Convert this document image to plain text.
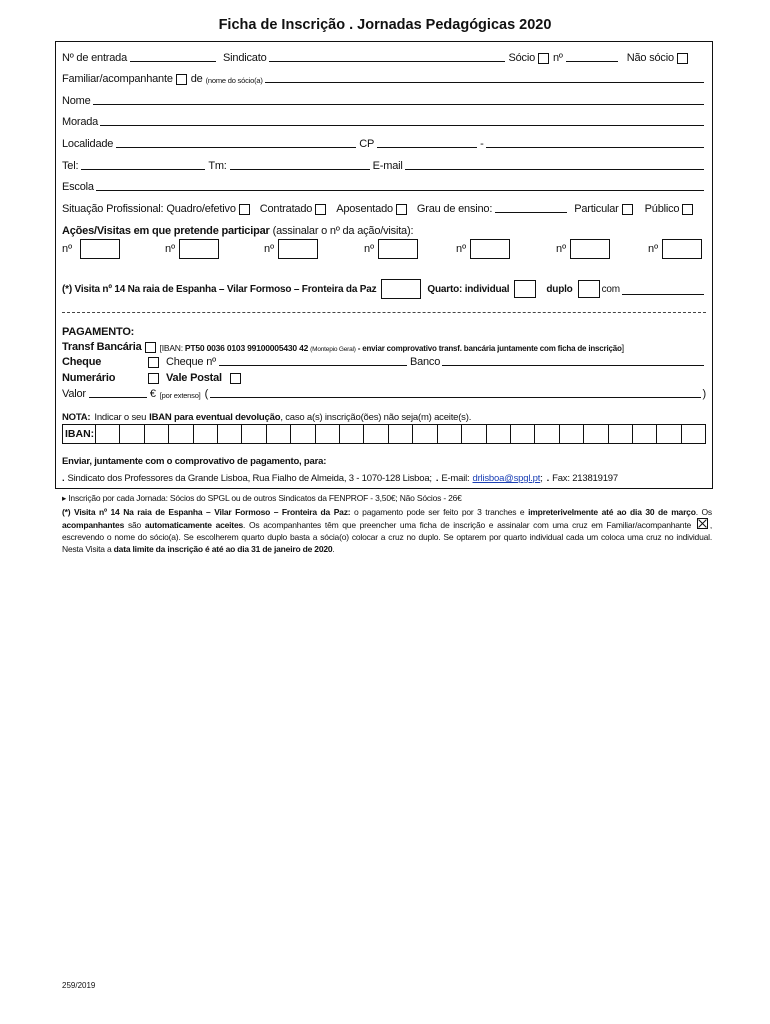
Ficha de Inscrição . Jornadas Pedagógicas 2020
Nº de entrada	Sindicato	Sócio nº	Não sócio
Familiar/acompanhante de (nome do sócio(a)
Nome
Morada
Localidade	CP	-
Tel:	Tm:	E-mail
Escola
Situação Profissional: Quadro/efetivo Contratado Aposentado Grau de ensino:	Particular Público
Ações/Visitas em que pretende participar (assinalar o nº da ação/visita):
nº	nº	nº	nº	nº	nº	nº
(*) Visita nº 14 Na raia de Espanha – Vilar Formoso – Fronteira da Paz	Quarto: individual	duplo	com
PAGAMENTO:
Transf Bancária [IBAN: PT50 0036 0103 99100005430 42 (Montepio Geral) - enviar comprovativo transf. bancária juntamente com ficha de inscrição ]
Cheque	Cheque nº	Banco
Numerário	Vale Postal
Valor	€ [por extenso] (	)
NOTA: Indicar o seu IBAN para eventual devolução , caso a(s) inscrição(ões) não seja(m) aceite(s).
IBAN:
Enviar, juntamente com o comprovativo de pagamento, para:
. Sindicato dos Professores da Grande Lisboa, Rua Fialho de Almeida, 3 - 1070-128 Lisboa; . E-mail: drlisboa@spgl.pt ; . Fax: 213819197
▸ Inscrição por cada Jornada: Sócios do SPGL ou de outros Sindicatos da FENPROF - 3,50€; Não Sócios - 26€
(*) Visita nº 14 Na raia de Espanha – Vilar Formoso – Fronteira da Paz: o pagamento pode ser feito por 3 tranches e impreterivelmente até ao dia 30 de março. Os acompanhantes são automaticamente aceites. Os acompanhantes têm que preencher uma ficha de inscrição e assinalar com uma cruz em Familiar/acompanhante ☒ , escrevendo o nome do sócio(a). Se escolherem quarto duplo basta a sócia(o) colocar a cruz no duplo. Se optarem por quarto individual cada um coloca uma cruz no individual. Nesta Visita a data limite da inscrição é até ao dia 31 de janeiro de 2020.
259/2019
